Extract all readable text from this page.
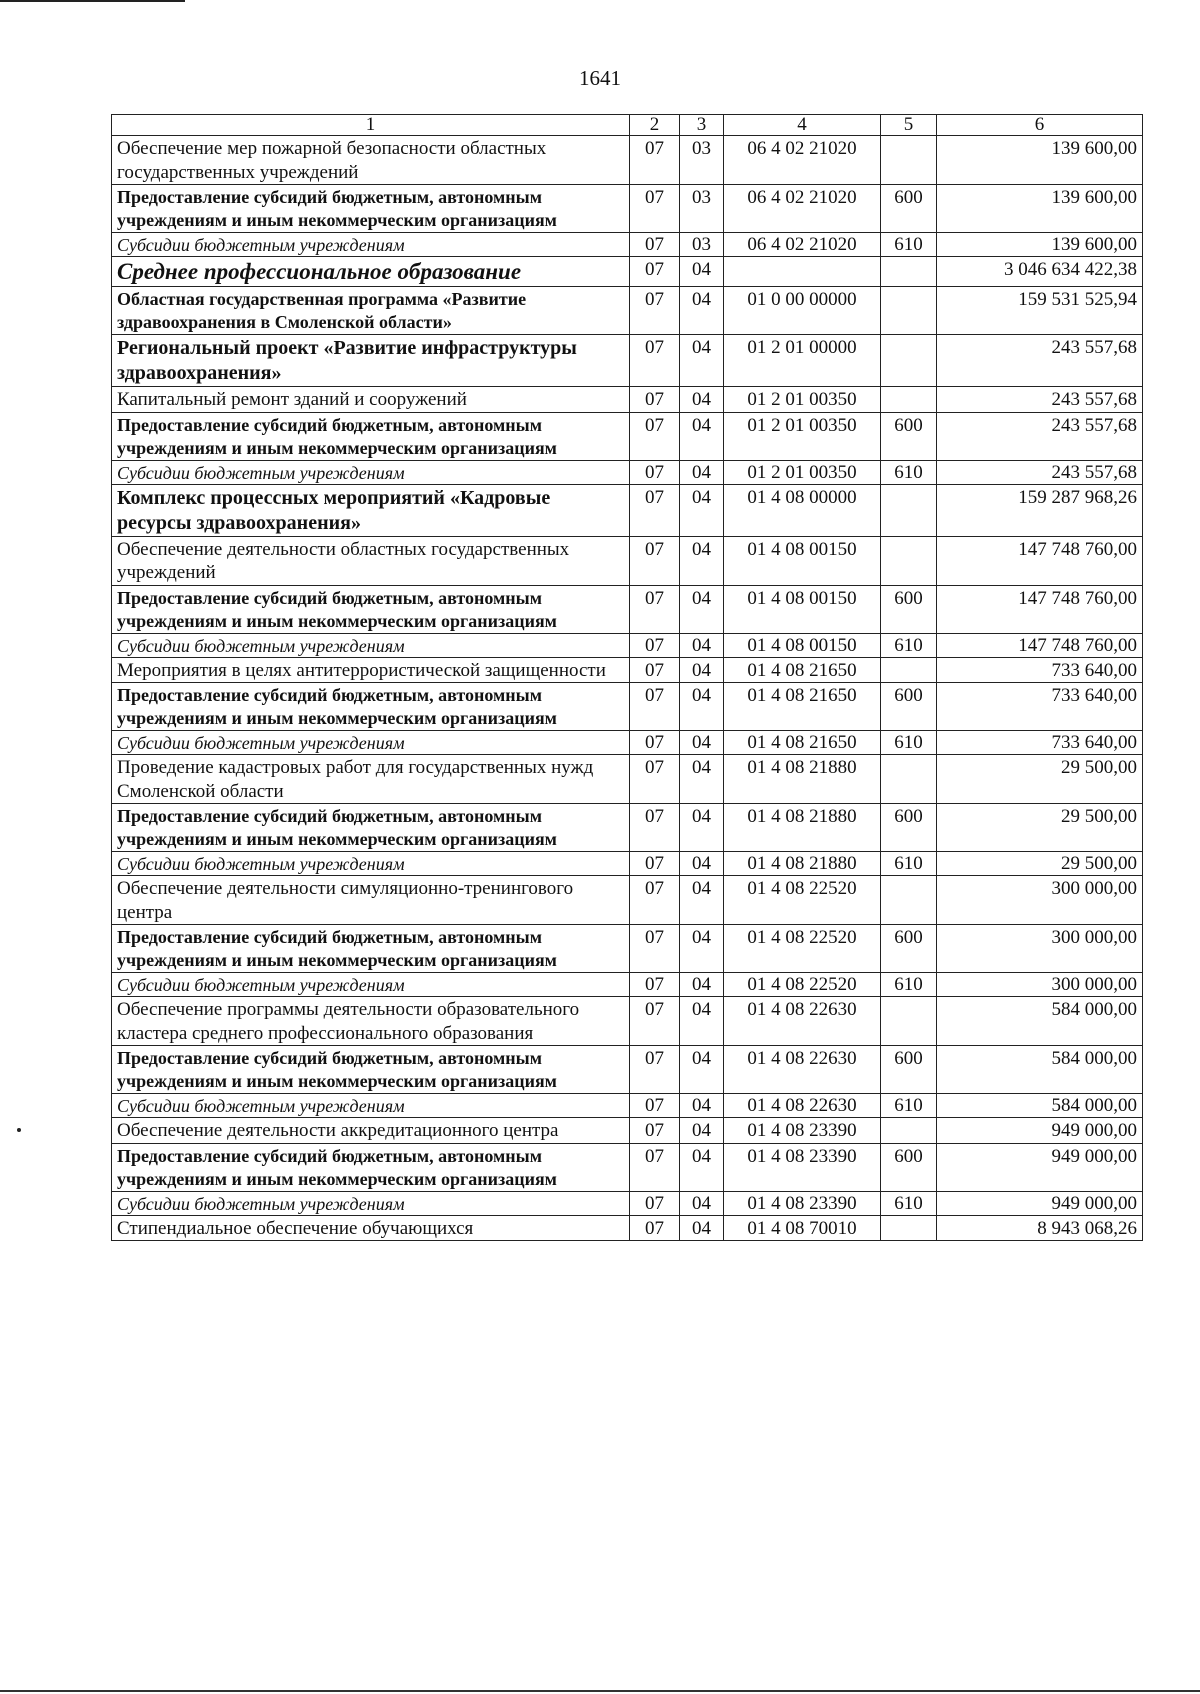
1641
1	2	3	4	5	6
Обеспечение мер пожарной безопасности областных государственных учреждений	07	03	06 4 02 21020		139 600,00
Предоставление субсидий бюджетным, автономным учреждениям и иным некоммерческим организациям	07	03	06 4 02 21020	600	139 600,00
Субсидии бюджетным учреждениям	07	03	06 4 02 21020	610	139 600,00
Среднее профессиональное образование	07	04			3 046 634 422,38
Областная государственная программа «Развитие здравоохранения в Смоленской области»	07	04	01 0 00 00000		159 531 525,94
Региональный проект «Развитие инфраструктуры здравоохранения»	07	04	01 2 01 00000		243 557,68
Капитальный ремонт зданий и сооружений	07	04	01 2 01 00350		243 557,68
Предоставление субсидий бюджетным, автономным учреждениям и иным некоммерческим организациям	07	04	01 2 01 00350	600	243 557,68
Субсидии бюджетным учреждениям	07	04	01 2 01 00350	610	243 557,68
Комплекс процессных мероприятий «Кадровые ресурсы здравоохранения»	07	04	01 4 08 00000		159 287 968,26
Обеспечение деятельности областных государственных учреждений	07	04	01 4 08 00150		147 748 760,00
Предоставление субсидий бюджетным, автономным учреждениям и иным некоммерческим организациям	07	04	01 4 08 00150	600	147 748 760,00
Субсидии бюджетным учреждениям	07	04	01 4 08 00150	610	147 748 760,00
Мероприятия в целях антитеррористической защищенности	07	04	01 4 08 21650		733 640,00
Предоставление субсидий бюджетным, автономным учреждениям и иным некоммерческим организациям	07	04	01 4 08 21650	600	733 640,00
Субсидии бюджетным учреждениям	07	04	01 4 08 21650	610	733 640,00
Проведение кадастровых работ для государственных нужд Смоленской области	07	04	01 4 08 21880		29 500,00
Предоставление субсидий бюджетным, автономным учреждениям и иным некоммерческим организациям	07	04	01 4 08 21880	600	29 500,00
Субсидии бюджетным учреждениям	07	04	01 4 08 21880	610	29 500,00
Обеспечение деятельности симуляционно-тренингового центра	07	04	01 4 08 22520		300 000,00
Предоставление субсидий бюджетным, автономным учреждениям и иным некоммерческим организациям	07	04	01 4 08 22520	600	300 000,00
Субсидии бюджетным учреждениям	07	04	01 4 08 22520	610	300 000,00
Обеспечение программы деятельности образовательного кластера среднего профессионального образования	07	04	01 4 08 22630		584 000,00
Предоставление субсидий бюджетным, автономным учреждениям и иным некоммерческим организациям	07	04	01 4 08 22630	600	584 000,00
Субсидии бюджетным учреждениям	07	04	01 4 08 22630	610	584 000,00
Обеспечение деятельности аккредитационного центра	07	04	01 4 08 23390		949 000,00
Предоставление субсидий бюджетным, автономным учреждениям и иным некоммерческим организациям	07	04	01 4 08 23390	600	949 000,00
Субсидии бюджетным учреждениям	07	04	01 4 08 23390	610	949 000,00
Стипендиальное обеспечение обучающихся	07	04	01 4 08 70010		8 943 068,26
